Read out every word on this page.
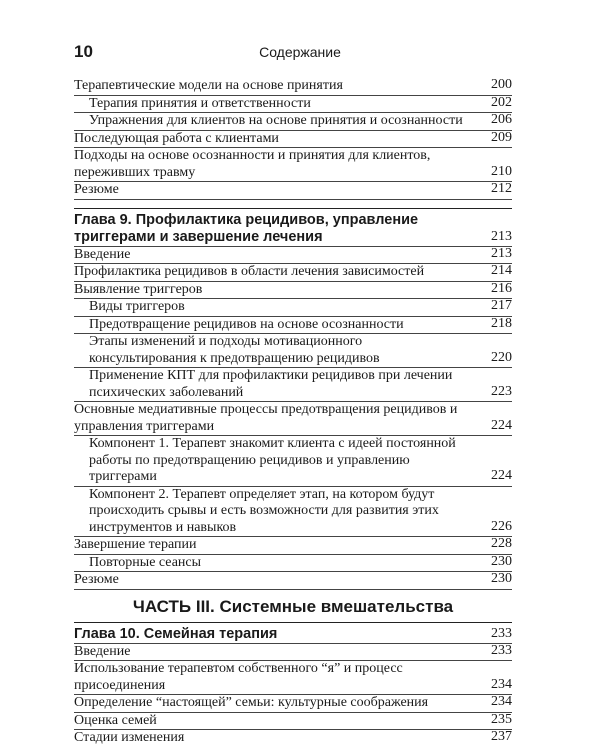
10	Содержание
Терапевтические модели на основе принятия	200
Терапия принятия и ответственности	202
Упражнения для клиентов на основе принятия и осознанности 206
Последующая работа с клиентами	209
Подходы на основе осознанности и принятия для клиентов, переживших травму	210
Резюме	212
Глава 9. Профилактика рецидивов, управление триггерами и завершение лечения	213
Введение	213
Профилактика рецидивов в области лечения зависимостей	214
Выявление триггеров	216
Виды триггеров	217
Предотвращение рецидивов на основе осознанности	218
Этапы изменений и подходы мотивационного консультирования к предотвращению рецидивов	220
Применение КПТ для профилактики рецидивов при лечении психических заболеваний	223
Основные медиативные процессы предотвращения рецидивов и управления триггерами	224
Компонент 1. Терапевт знакомит клиента с идеей постоянной работы по предотвращению рецидивов и управлению триггерами	224
Компонент 2. Терапевт определяет этап, на котором будут происходить срывы и есть возможности для развития этих инструментов и навыков	226
Завершение терапии	228
Повторные сеансы	230
Резюме	230
ЧАСТЬ III. Системные вмешательства
Глава 10. Семейная терапия	233
Введение	233
Использование терапевтом собственного “я” и процесс присоединения	234
Определение “настоящей” семьи: культурные соображения	234
Оценка семей	235
Стадии изменения	237
